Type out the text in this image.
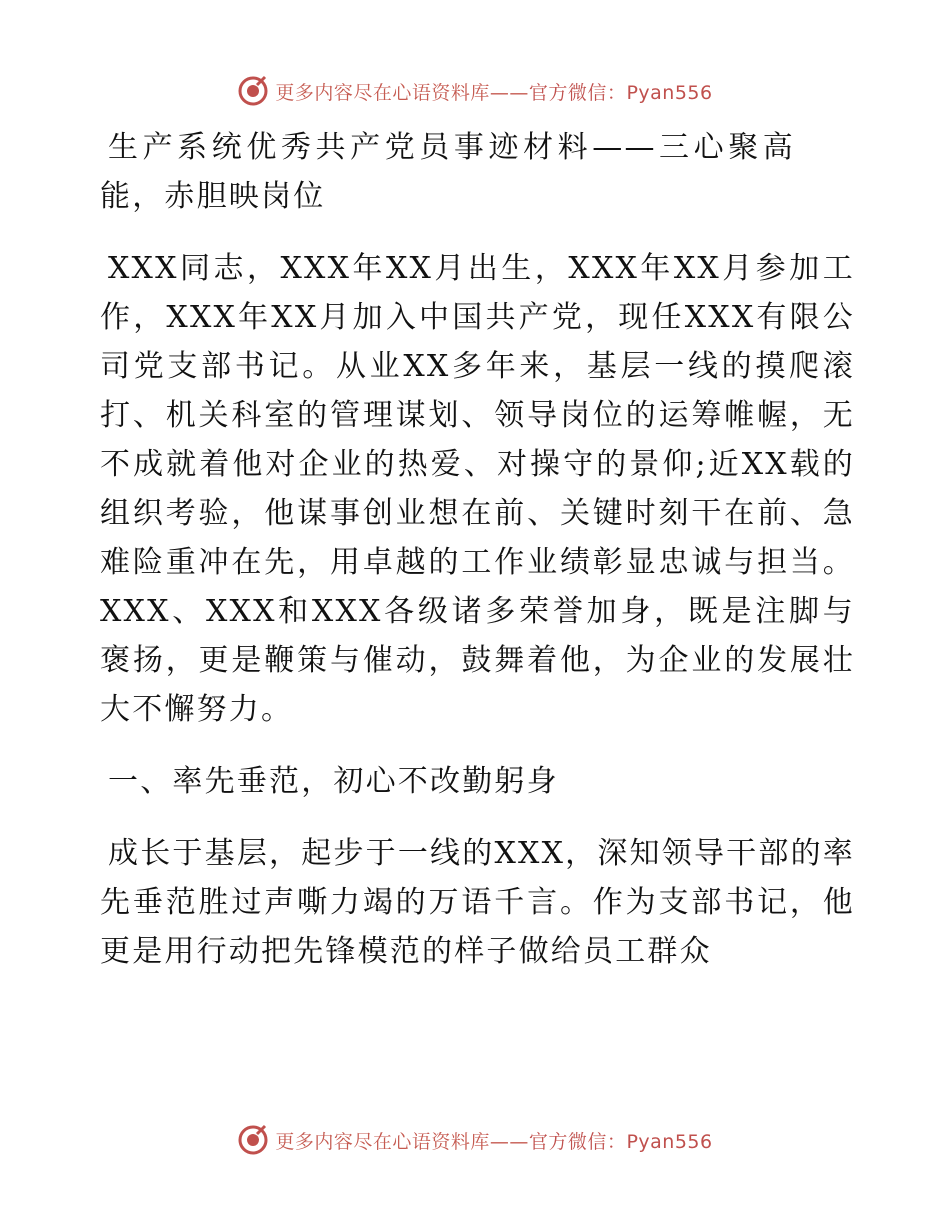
更多内容尽在心语资料库——官方微信：Pyan556

生产系统优秀共产党员事迹材料——三心聚高能，赤胆映岗位

XXX同志，XXX年XX月出生，XXX年XX月参加工作，XXX年XX月加入中国共产党，现任XXX有限公司党支部书记。从业XX多年来，基层一线的摸爬滚打、机关科室的管理谋划、领导岗位的运筹帷幄，无不成就着他对企业的热爱、对操守的景仰;近XX载的组织考验，他谋事创业想在前、关键时刻干在前、急难险重冲在先，用卓越的工作业绩彰显忠诚与担当。XXX、XXX和XXX各级诸多荣誉加身，既是注脚与褒扬，更是鞭策与催动，鼓舞着他，为企业的发展壮大不懈努力。

一、率先垂范，初心不改勤躬身

成长于基层，起步于一线的XXX，深知领导干部的率先垂范胜过声嘶力竭的万语千言。作为支部书记，他更是用行动把先锋模范的样子做给员工群众

更多内容尽在心语资料库——官方微信：Pyan556
